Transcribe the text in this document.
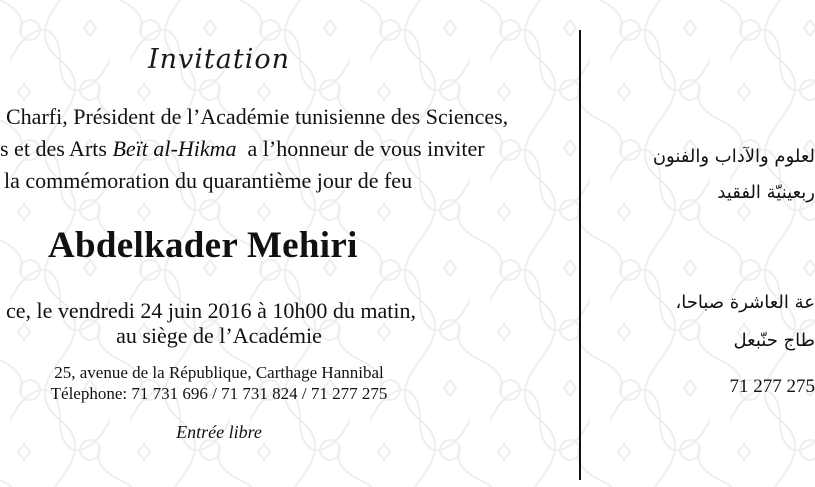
Invitation
Charfi, Président de l’Académie tunisienne des Sciences,
s et des Arts Beït al-Hikma  a l’honneur de vous inviter
la commémoration du quarantième jour de feu
Abdelkader Mehiri
ce, le vendredi 24 juin 2016 à 10h00 du matin,
au siège de l’Académie
25, avenue de la République, Carthage Hannibal
Télephone: 71 731 696 / 71 731 824 / 71 277 275
Entrée libre
لعلوم والآداب والفنون
ربعينيّة الفقيد
عة العاشرة صباحا،
طاج حنّبعل
71 277 275
